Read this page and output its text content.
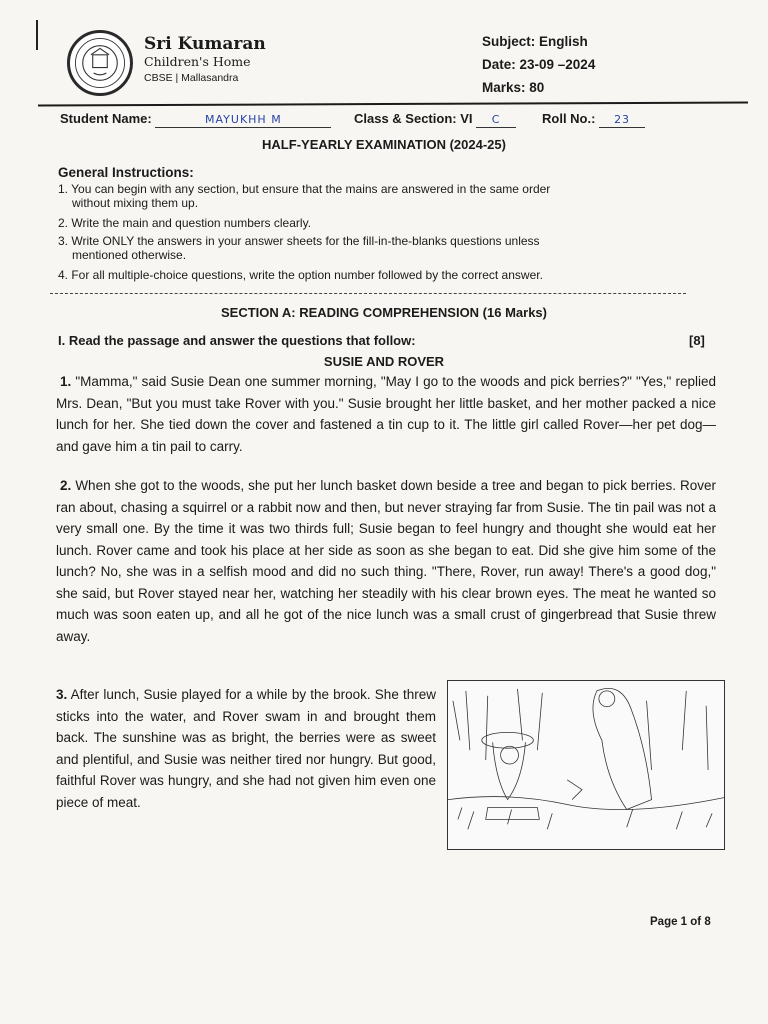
Sri Kumaran
Children's Home
CBSE | Mallasandra
Subject: English
Date: 23-09 –2024
Marks: 80
Student Name:	MAYUKHH M	Class & Section: VI C	Roll No.: 23
HALF-YEARLY EXAMINATION (2024-25)
General Instructions:
1. You can begin with any section, but ensure that the mains are answered in the same order
without mixing them up.
2. Write the main and question numbers clearly.
3. Write ONLY the answers in your answer sheets for the fill-in-the-blanks questions unless
mentioned otherwise.
4. For all multiple-choice questions, write the option number followed by the correct answer.
SECTION A: READING COMPREHENSION (16 Marks)
I. Read the passage and answer the questions that follow:	[8]
SUSIE AND ROVER
1. "Mamma," said Susie Dean one summer morning, "May I go to the woods and pick berries?" "Yes," replied Mrs. Dean, "But you must take Rover with you." Susie brought her little basket, and her mother packed a nice lunch for her. She tied down the cover and fastened a tin cup to it. The little girl called Rover—her pet dog—and gave him a tin pail to carry.
2. When she got to the woods, she put her lunch basket down beside a tree and began to pick berries. Rover ran about, chasing a squirrel or a rabbit now and then, but never straying far from Susie. The tin pail was not a very small one. By the time it was two thirds full; Susie began to feel hungry and thought she would eat her lunch. Rover came and took his place at her side as soon as she began to eat. Did she give him some of the lunch? No, she was in a selfish mood and did no such thing. "There, Rover, run away! There's a good dog," she said, but Rover stayed near her, watching her steadily with his clear brown eyes. The meat he wanted so much was soon eaten up, and all he got of the nice lunch was a small crust of gingerbread that Susie threw away.
3. After lunch, Susie played for a while by the brook. She threw sticks into the water, and Rover swam in and brought them back. The sunshine was as bright, the berries were as sweet and plentiful, and Susie was neither tired nor hungry. But good, faithful Rover was hungry, and she had not given him even one piece of meat.
Page 1 of 8
